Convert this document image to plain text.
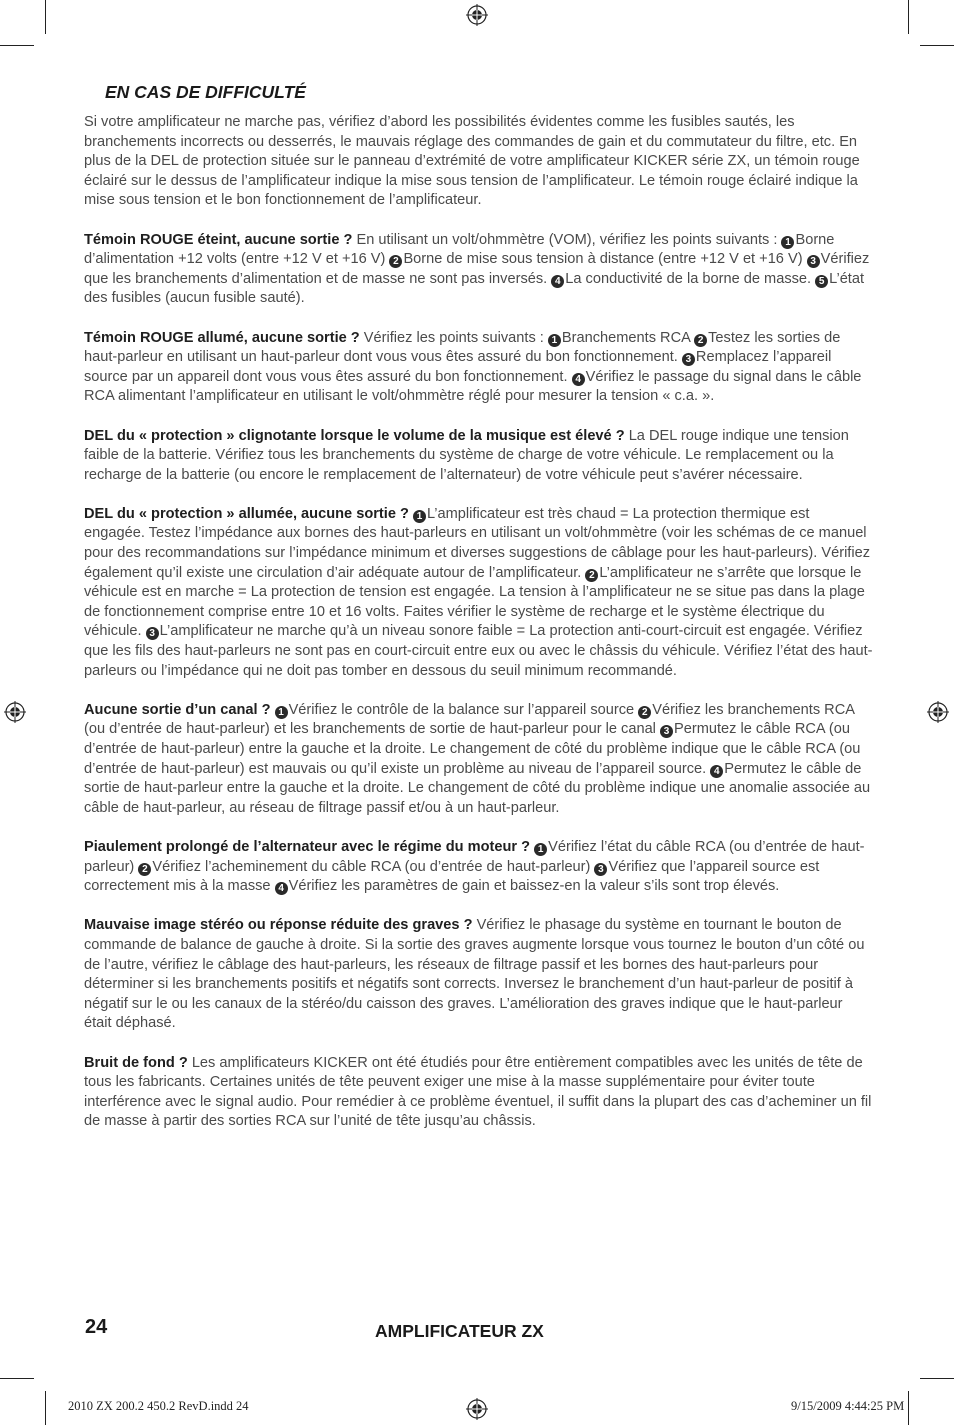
EN CAS DE DIFFICULTÉ

Si votre amplificateur ne marche pas, vérifiez d’abord les possibilités évidentes comme les fusibles sautés, les branchements incorrects ou desserrés, le mauvais réglage des commandes de gain et du commutateur du filtre, etc. En plus de la DEL de protection située sur le panneau d’extrémité de votre amplificateur KICKER série ZX, un témoin rouge éclairé sur le dessus de l’amplificateur indique la mise sous tension de l’amplificateur. Le témoin rouge éclairé indique la mise sous tension et le bon fonctionnement de l’amplificateur.

Témoin ROUGE éteint, aucune sortie ? En utilisant un volt/ohmmètre (VOM), vérifiez les points suivants : 1 Borne d’alimentation +12 volts (entre +12 V et +16 V) 2 Borne de mise sous tension à distance (entre +12 V et +16 V) 3 Vérifiez que les branchements d’alimentation et de masse ne sont pas inversés. 4 La conductivité de la borne de masse. 5 L’état des fusibles (aucun fusible sauté).

Témoin ROUGE allumé, aucune sortie ? Vérifiez les points suivants : 1 Branchements RCA 2 Testez les sorties de haut-parleur en utilisant un haut-parleur dont vous vous êtes assuré du bon fonctionnement. 3 Remplacez l’appareil source par un appareil dont vous vous êtes assuré du bon fonctionnement. 4 Vérifiez le passage du signal dans le câble RCA alimentant l’amplificateur en utilisant le volt/ohmmètre réglé pour mesurer la tension « c.a. ».

DEL du « protection » clignotante lorsque le volume de la musique est élevé ? La DEL rouge indique une tension faible de la batterie. Vérifiez tous les branchements du système de charge de votre véhicule. Le remplacement ou la recharge de la batterie (ou encore le remplacement de l’alternateur) de votre véhicule peut s’avérer nécessaire.

DEL du « protection » allumée, aucune sortie ? 1 L’amplificateur est très chaud = La protection thermique est engagée. Testez l’impédance aux bornes des haut-parleurs en utilisant un volt/ohmmètre (voir les schémas de ce manuel pour des recommandations sur l’impédance minimum et diverses suggestions de câblage pour les haut-parleurs). Vérifiez également qu’il existe une circulation d’air adéquate autour de l’amplificateur. 2 L’amplificateur ne s’arrête que lorsque le véhicule est en marche = La protection de tension est engagée. La tension à l’amplificateur ne se situe pas dans la plage de fonctionnement comprise entre 10 et 16 volts. Faites vérifier le système de recharge et le système électrique du véhicule. 3 L’amplificateur ne marche qu’à un niveau sonore faible = La protection anti-court-circuit est engagée. Vérifiez que les fils des haut-parleurs ne sont pas en court-circuit entre eux ou avec le châssis du véhicule. Vérifiez l’état des haut-parleurs ou l’impédance qui ne doit pas tomber en dessous du seuil minimum recommandé.

Aucune sortie d’un canal ? 1 Vérifiez le contrôle de la balance sur l’appareil source 2 Vérifiez les branchements RCA (ou d’entrée de haut-parleur) et les branchements de sortie de haut-parleur pour le canal 3 Permutez le câble RCA (ou d’entrée de haut-parleur) entre la gauche et la droite. Le changement de côté du problème indique que le câble RCA (ou d’entrée de haut-parleur) est mauvais ou qu’il existe un problème au niveau de l’appareil source. 4 Permutez le câble de sortie de haut-parleur entre la gauche et la droite. Le changement de côté du problème indique une anomalie associée au câble de haut-parleur, au réseau de filtrage passif et/ou à un haut-parleur.

Piaulement prolongé de l’alternateur avec le régime du moteur ? 1 Vérifiez l’état du câble RCA (ou d’entrée de haut-parleur) 2 Vérifiez l’acheminement du câble RCA (ou d’entrée de haut-parleur) 3 Vérifiez que l’appareil source est correctement mis à la masse 4 Vérifiez les paramètres de gain et baissez-en la valeur s’ils sont trop élevés.

Mauvaise image stéréo ou réponse réduite des graves ? Vérifiez le phasage du système en tournant le bouton de commande de balance de gauche à droite. Si la sortie des graves augmente lorsque vous tournez le bouton d’un côté ou de l’autre, vérifiez le câblage des haut-parleurs, les réseaux de filtrage passif et les bornes des haut-parleurs pour déterminer si les branchements positifs et négatifs sont corrects. Inversez le branchement d’un haut-parleur de positif à négatif sur le ou les canaux de la stéréo/du caisson des graves. L’amélioration des graves indique que le haut-parleur était déphasé.

Bruit de fond ? Les amplificateurs KICKER ont été étudiés pour être entièrement compatibles avec les unités de tête de tous les fabricants. Certaines unités de tête peuvent exiger une mise à la masse supplémentaire pour éviter toute interférence avec le signal audio. Pour remédier à ce problème éventuel, il suffit dans la plupart des cas d’acheminer un fil de masse à partir des sorties RCA sur l’unité de tête jusqu’au châssis.

24	AMPLIFICATEUR ZX
2010 ZX 200.2 450.2 RevD.indd 24	9/15/2009 4:44:25 PM
